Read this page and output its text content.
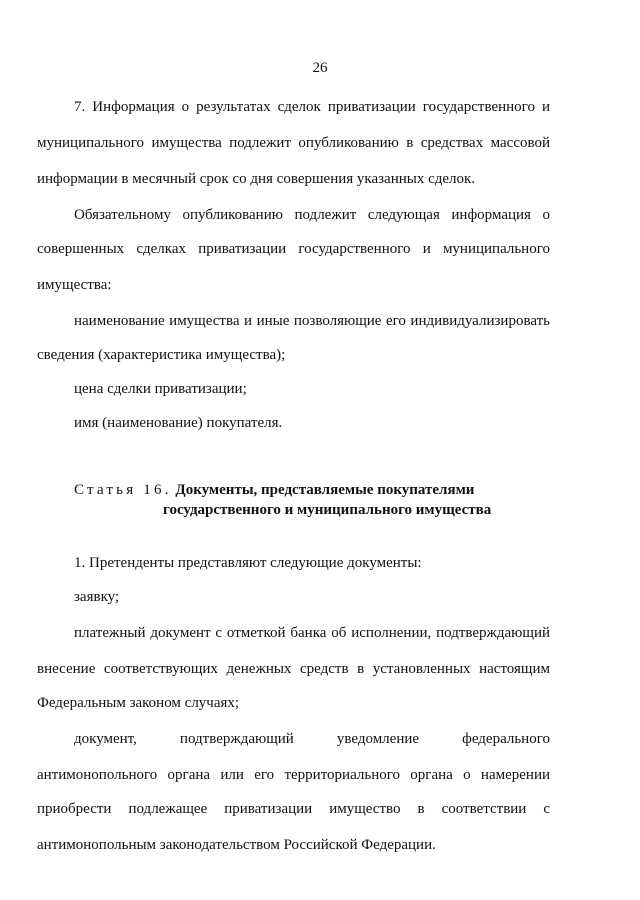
26
7. Информация о результатах сделок приватизации государственного и
муниципального имущества подлежит опубликованию в средствах массовой
информации в месячный срок со дня совершения указанных сделок.
Обязательному опубликованию подлежит следующая информация о
совершенных сделках приватизации государственного и муниципального
имущества:
наименование имущества и иные позволяющие его индивидуализировать
сведения (характеристика имущества);
цена сделки приватизации;
имя (наименование) покупателя.
Статья 16. Документы, представляемые покупателями
государственного и муниципального имущества
1. Претенденты представляют следующие документы:
заявку;
платежный документ с отметкой банка об исполнении, подтверждающий
внесение соответствующих денежных средств в установленных настоящим
Федеральным законом случаях;
документ, подтверждающий уведомление федерального
антимонопольного органа или его территориального органа о намерении
приобрести подлежащее приватизации имущество в соответствии с
антимонопольным законодательством Российской Федерации.
